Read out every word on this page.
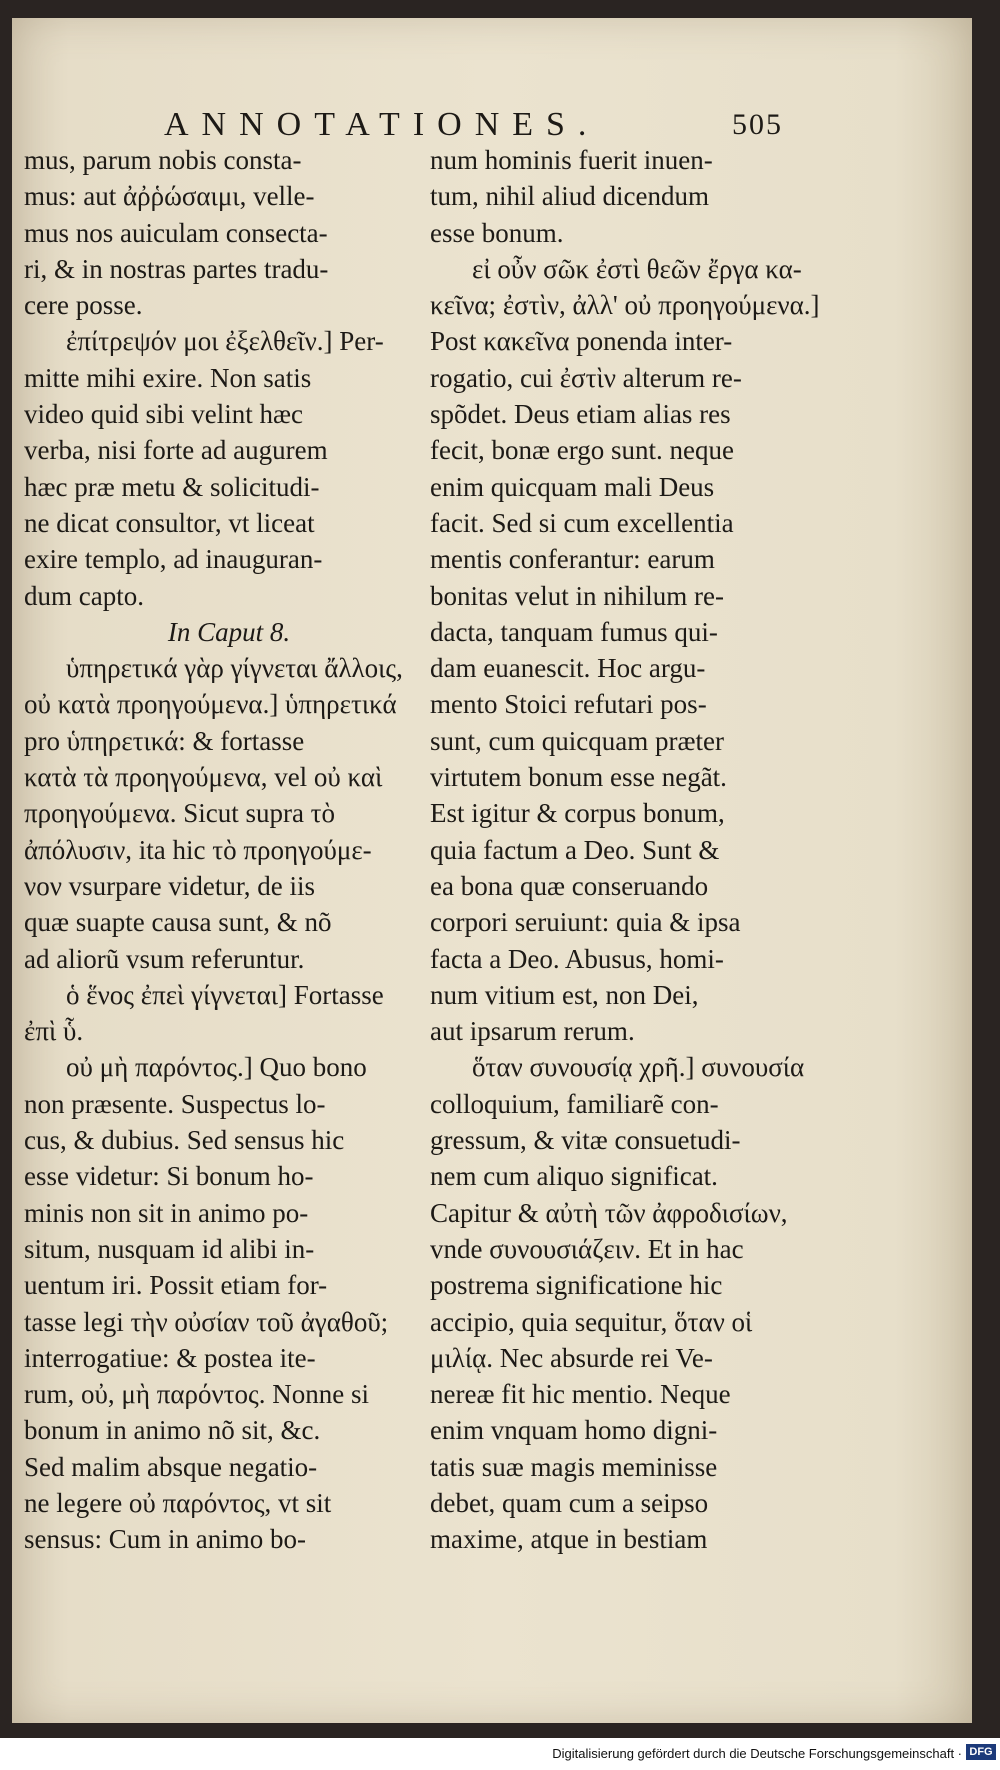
ANNOTATIONES.	505
mus, parum nobis consta-
mus: aut ἀῤῥώσαιμι, velle-
mus nos auiculam consecta-
ri, & in nostras partes tradu-
cere posse.
ἐπίτρεψόν μοι ἐξελθεῖν.] Per-
mitte mihi exire. Non satis
video quid sibi velint hæc
verba, nisi forte ad augurem
hæc præ metu & solicitudi-
ne dicat consultor, vt liceat
exire templo, ad inauguran-
dum capto.
In Caput 8.
ὑπηρετικά γὰρ γίγνεται ἄλλοις,
οὐ κατὰ προηγούμενα.] ὑπηρετικά
pro ὑπηρετικά: & fortasse
κατὰ τὰ προηγούμενα, vel οὐ καὶ
προηγούμενα. Sicut supra τὸ
ἀπόλυσιν, ita hic τὸ προηγούμε-
νον vsurpare videtur, de iis
quæ suapte causa sunt, & nõ
ad aliorũ vsum referuntur.
ὁ ἕνος ἐπεὶ γίγνεται] Fortasse
ἐπὶ ὗ.
οὐ μὴ παρόντος.] Quo bono
non præsente. Suspectus lo-
cus, & dubius. Sed sensus hic
esse videtur: Si bonum ho-
minis non sit in animo po-
situm, nusquam id alibi in-
uentum iri. Possit etiam for-
tasse legi τὴν οὐσίαν τοῦ ἀγαθοῦ;
interrogatiue: & postea ite-
rum, οὐ, μὴ παρόντος. Nonne si
bonum in animo nõ sit, &c.
Sed malim absque negatio-
ne legere οὐ παρόντος, vt sit
sensus: Cum in animo bo-
num hominis fuerit inuen-
tum, nihil aliud dicendum
esse bonum.
εἰ οὖν σῶκ ἐστὶ θεῶν ἔργα κα-
κεῖνα; ἐστὶν, ἀλλ' οὐ προηγούμενα.]
Post κακεῖνα ponenda inter-
rogatio, cui ἐστὶν alterum re-
spõdet. Deus etiam alias res
fecit, bonæ ergo sunt. neque
enim quicquam mali Deus
facit. Sed si cum excellentia
mentis conferantur: earum
bonitas velut in nihilum re-
dacta, tanquam fumus qui-
dam euanescit. Hoc argu-
mento Stoici refutari pos-
sunt, cum quicquam præter
virtutem bonum esse negãt.
Est igitur & corpus bonum,
quia factum a Deo. Sunt &
ea bona quæ conseruando
corpori seruiunt: quia & ipsa
facta a Deo. Abusus, homi-
num vitium est, non Dei,
aut ipsarum rerum.
ὅταν συνουσίᾳ χρῆ.] συνουσία
colloquium, familiarẽ con-
gressum, & vitæ consuetudi-
nem cum aliquo significat.
Capitur & αὐτὴ τῶν ἀφροδισίων,
vnde συνουσιάζειν. Et in hac
postrema significatione hic
accipio, quia sequitur, ὅταν οἱ
μιλίᾳ. Nec absurde rei Ve-
nereæ fit hic mentio. Neque
enim vnquam homo digni-
tatis suæ magis meminisse
debet, quam cum a seipso
maxime, atque in bestiam
Digitalisierung gefördert durch die Deutsche Forschungsgemeinschaft · DFG
